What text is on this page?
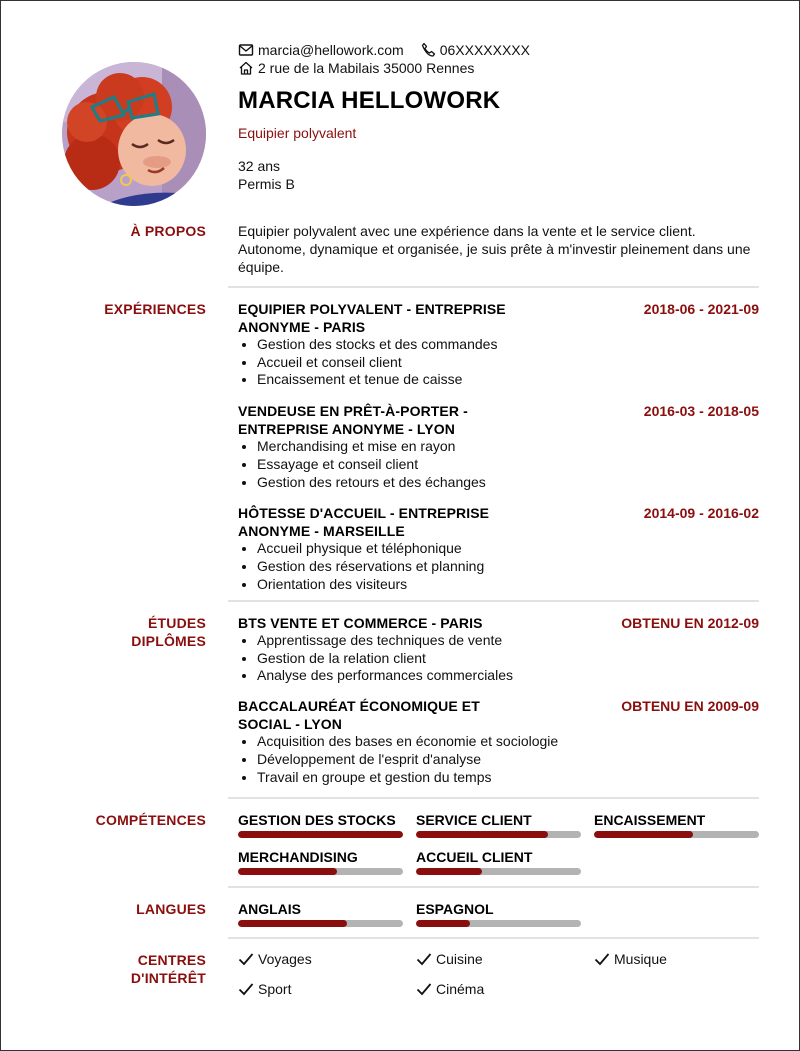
marcia@hellowork.com	06XXXXXXXX
2 rue de la Mabilais 35000 Rennes
MARCIA HELLOWORK
Equipier polyvalent
32 ans
Permis B
À PROPOS Equipier polyvalent avec une expérience dans la vente et le service client. Autonome, dynamique et organisée, je suis prête à m'investir pleinement dans une équipe.
EXPÉRIENCES EQUIPIER POLYVALENT - ENTREPRISE ANONYME - PARIS
2018-06 - 2021-09
Gestion des stocks et des commandes
Accueil et conseil client
Encaissement et tenue de caisse
VENDEUSE EN PRÊT-À-PORTER - ENTREPRISE ANONYME - LYON
2016-03 - 2018-05
Merchandising et mise en rayon
Essayage et conseil client
Gestion des retours et des échanges
HÔTESSE D'ACCUEIL - ENTREPRISE ANONYME - MARSEILLE
2014-09 - 2016-02
Accueil physique et téléphonique
Gestion des réservations et planning
Orientation des visiteurs
ÉTUDES
DIPLÔMES
BTS VENTE ET COMMERCE - PARIS	OBTENU EN 2012-09
Apprentissage des techniques de vente
Gestion de la relation client
Analyse des performances commerciales
BACCALAURÉAT ÉCONOMIQUE ET SOCIAL - LYON
OBTENU EN 2009-09
Acquisition des bases en économie et sociologie
Développement de l'esprit d'analyse
Travail en groupe et gestion du temps
COMPÉTENCES GESTION DES STOCKS	SERVICE CLIENT	ENCAISSEMENT
MERCHANDISING	ACCUEIL CLIENT
LANGUES ANGLAIS	ESPAGNOL
CENTRES
D'INTÉRÊT
Voyages	Cuisine	Musique
Sport	Cinéma
